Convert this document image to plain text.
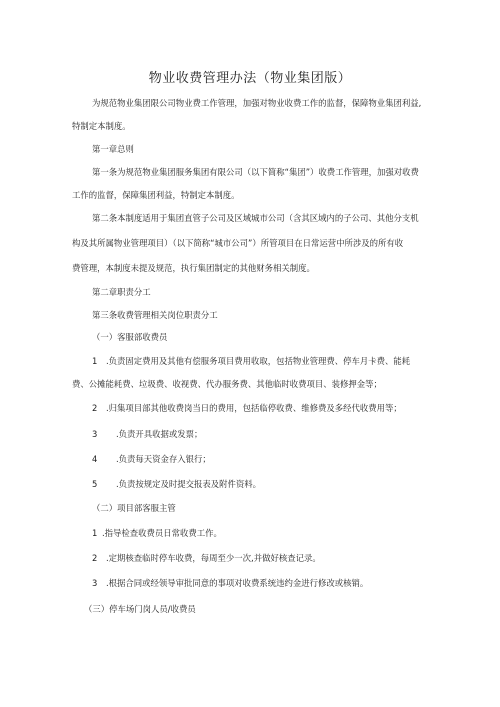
物业收费管理办法（物业集团版）
为规范物业集团限公司物业费工作管理，加强对物业收费工作的监督，保障物业集团利益,
特制定本制度。
第一章总则
第一条为规范物业集团服务集团有限公司（以下简称“集团”）收费工作管理，加强对收费
工作的监督，保障集团利益，特制定本制度。
第二条本制度适用于集团直管子公司及区域城市公司（含其区域内的子公司、其他分支机
构及其所属物业管理项目）（以下简称“城市公司”）所管项目在日常运营中所涉及的所有收
费管理，本制度未提及规范，执行集团制定的其他财务相关制度。
第二章职责分工
第三条收费管理相关岗位职责分工
（一）客服部收费员
1 .负责固定费用及其他有偿服务项目费用收取，包括物业管理费、停车月卡费、能耗
费、公摊能耗费、垃圾费、收视费、代办服务费、其他临时收费项目、装修押金等；
2 .归集项目部其他收费岗当日的费用，包括临停收费、维修费及多经代收费用等；
3 .负责开具收据或发票；
4 .负责每天资金存入银行；
5 .负责按规定及时提交报表及附件资料。
（二）项目部客服主管
1 .指导检查收费员日常收费工作。
2 .定期核查临时停车收费，每周至少一次,并做好核查记录。
3 .根据合同或经领导审批同意的事项对收费系统违约金进行修改或核销。
（三）停车场门岗人员/收费员
